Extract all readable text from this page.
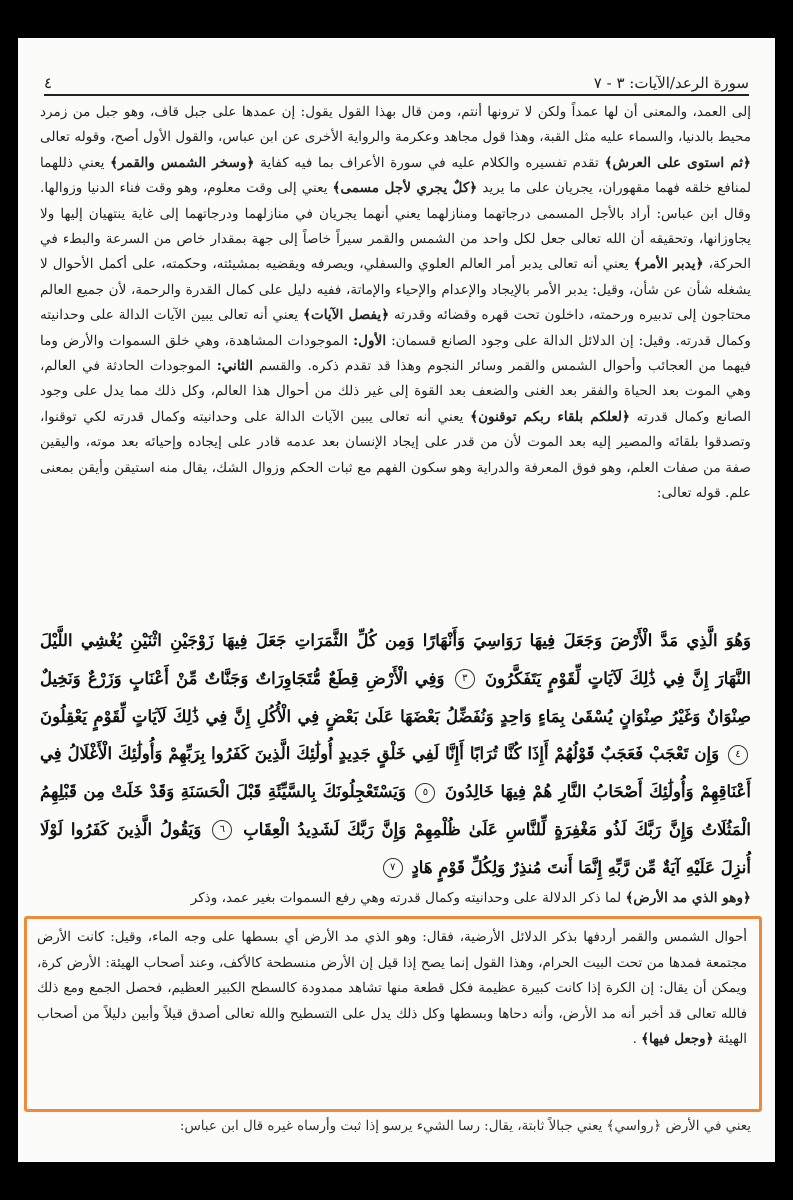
٤	سورة الرعد/الآيات: ٣ - ٧

إلى العمد، والمعنى أن لها عمداً ولكن لا ترونها أنتم، ومن قال بهذا القول يقول: إن عمدها على جبل قاف، وهو جبل من زمرد محيط بالدنيا، والسماء عليه مثل القبة، وهذا قول مجاهد وعكرمة والرواية الأخرى عن ابن عباس، والقول الأول أصح، وقوله تعالى ﴿ثم استوى على العرش﴾ تقدم تفسيره والكلام عليه في سورة الأعراف بما فيه كفاية ﴿وسخر الشمس والقمر﴾ يعني ذللهما لمنافع خلقه فهما مقهوران، يجريان على ما يريد ﴿كلٌ يجري لأجل مسمى﴾ يعني إلى وقت معلوم، وهو وقت فناء الدنيا وزوالها. وقال ابن عباس: أراد بالأجل المسمى درجاتهما ومنازلهما يعني أنهما يجريان في منازلهما ودرجاتهما إلى غاية ينتهيان إليها ولا يجاوزانها، وتحقيقه أن الله تعالى جعل لكل واحد من الشمس والقمر سيراً خاصاً إلى جهة بمقدار خاص من السرعة والبطء في الحركة، ﴿يدبر الأمر﴾ يعني أنه تعالى يدبر أمر العالم العلوي والسفلي، ويصرفه ويقضيه بمشيئته، وحكمته، على أكمل الأحوال لا يشغله شأن عن شأن، وقيل: يدبر الأمر بالإيجاد والإعدام والإحياء والإماتة، ففيه دليل على كمال القدرة والرحمة، لأن جميع العالم محتاجون إلى تدبيره ورحمته، داخلون تحت قهره وقضائه وقدرته ﴿يفصل الآيات﴾ يعني أنه تعالى يبين الآيات الدالة على وحدانيته وكمال قدرته. وقيل: إن الدلائل الدالة على وجود الصانع قسمان: الأول: الموجودات المشاهدة، وهي خلق السموات والأرض وما فيهما من العجائب وأحوال الشمس والقمر وسائر النجوم وهذا قد تقدم ذكره. والقسم الثاني: الموجودات الحادثة في العالم، وهي الموت بعد الحياة والفقر بعد الغنى والضعف بعد القوة إلى غير ذلك من أحوال هذا العالم، وكل ذلك مما يدل على وجود الصانع وكمال قدرته ﴿لعلكم بلقاء ربكم توقنون﴾ يعني أنه تعالى يبين الآيات الدالة على وحدانيته وكمال قدرته لكي توقنوا، وتصدقوا بلقائه والمصير إليه بعد الموت لأن من قدر على إيجاد الإنسان بعد عدمه قادر على إيجاده وإحيائه بعد موته، واليقين صفة من صفات العلم، وهو فوق المعرفة والدراية وهو سكون الفهم مع ثبات الحكم وزوال الشك، يقال منه استيقن وأيقن بمعنى علم. قوله تعالى:

وَهُوَ الَّذِي مَدَّ الْأَرْضَ وَجَعَلَ فِيهَا رَوَاسِيَ وَأَنْهَارًا وَمِن كُلِّ الثَّمَرَاتِ جَعَلَ فِيهَا زَوْجَيْنِ اثْنَيْنِ يُغْشِي اللَّيْلَ النَّهَارَ إِنَّ فِي ذَٰلِكَ لَآيَاتٍ لِّقَوْمٍ يَتَفَكَّرُونَ ٣ وَفِي الْأَرْضِ قِطَعٌ مُّتَجَاوِرَاتٌ وَجَنَّاتٌ مِّنْ أَعْنَابٍ وَزَرْعٌ وَنَخِيلٌ صِنْوَانٌ وَغَيْرُ صِنْوَانٍ يُسْقَىٰ بِمَاءٍ وَاحِدٍ وَنُفَضِّلُ بَعْضَهَا عَلَىٰ بَعْضٍ فِي الْأُكُلِ إِنَّ فِي ذَٰلِكَ لَآيَاتٍ لِّقَوْمٍ يَعْقِلُونَ ٤ وَإِن تَعْجَبْ فَعَجَبٌ قَوْلُهُمْ أَإِذَا كُنَّا تُرَابًا أَإِنَّا لَفِي خَلْقٍ جَدِيدٍ أُولَٰئِكَ الَّذِينَ كَفَرُوا بِرَبِّهِمْ وَأُولَٰئِكَ الْأَغْلَالُ فِي أَعْنَاقِهِمْ وَأُولَٰئِكَ أَصْحَابُ النَّارِ هُمْ فِيهَا خَالِدُونَ ٥ وَيَسْتَعْجِلُونَكَ بِالسَّيِّئَةِ قَبْلَ الْحَسَنَةِ وَقَدْ خَلَتْ مِن قَبْلِهِمُ الْمَثُلَاتُ وَإِنَّ رَبَّكَ لَذُو مَغْفِرَةٍ لِّلنَّاسِ عَلَىٰ ظُلْمِهِمْ وَإِنَّ رَبَّكَ لَشَدِيدُ الْعِقَابِ ٦ وَيَقُولُ الَّذِينَ كَفَرُوا لَوْلَا أُنزِلَ عَلَيْهِ آيَةٌ مِّن رَّبِّهِ إِنَّمَا أَنتَ مُنذِرٌ وَلِكُلِّ قَوْمٍ هَادٍ ٧
﴿وهو الذي مد الأرض﴾ لما ذكر الدلالة على وحدانيته وكمال قدرته وهي رفع السموات بغير عمد، وذكر
أحوال الشمس والقمر أردفها بذكر الدلائل الأرضية، فقال: وهو الذي مد الأرض أي بسطها على وجه الماء، وقيل: كانت الأرض مجتمعة فمدها من تحت البيت الحرام، وهذا القول إنما يصح إذا قيل إن الأرض منسطحة كالأكف، وعند أصحاب الهيئة: الأرض كرة، ويمكن أن يقال: إن الكرة إذا كانت كبيرة عظيمة فكل قطعة منها تشاهد ممدودة كالسطح الكبير العظيم، فحصل الجمع ومع ذلك فالله تعالى قد أخبر أنه مد الأرض، وأنه دحاها وبسطها وكل ذلك يدل على التسطيح والله تعالى أصدق قيلاً وأبين دليلاً من أصحاب الهيئة ﴿وجعل فيها﴾ .
يعني في الأرض ﴿رواسي﴾ يعني جبالاً ثابتة، يقال: رسا الشيء يرسو إذا ثبت وأرساه غيره قال ابن عباس:
